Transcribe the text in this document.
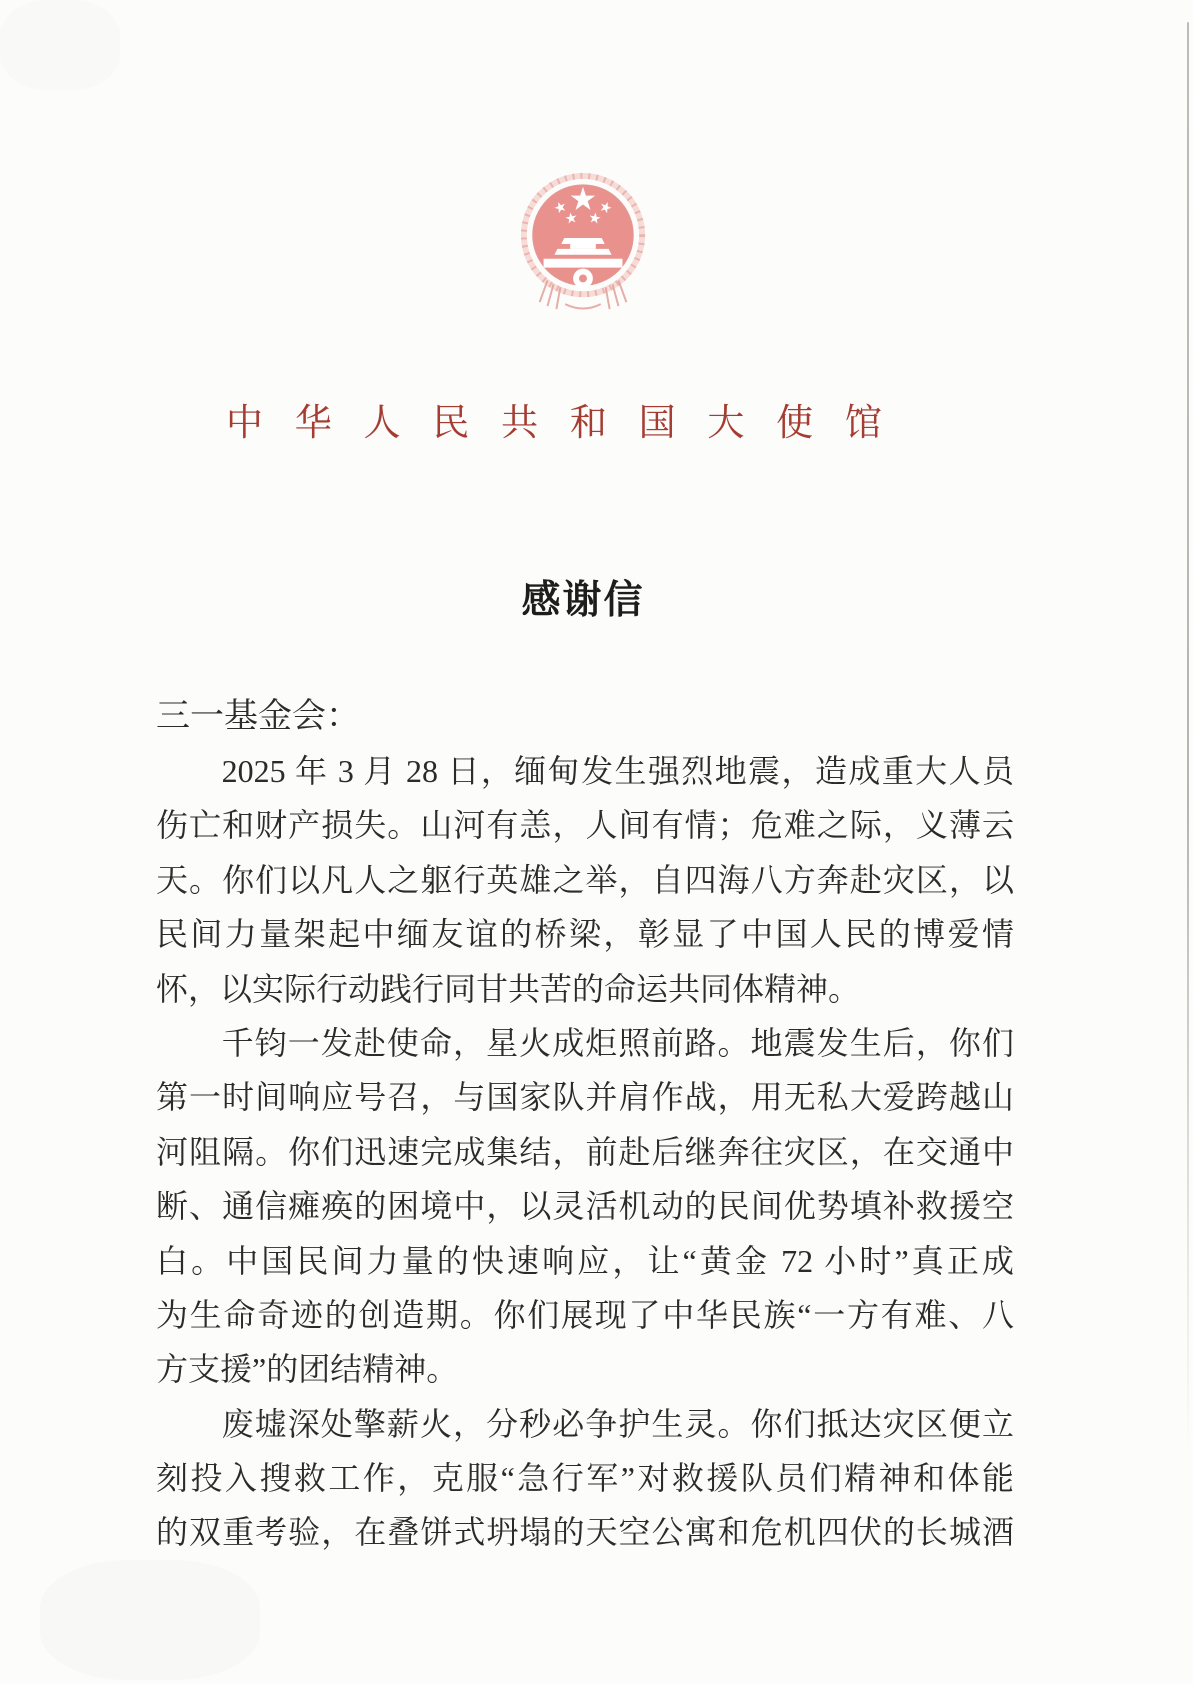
中 华 人 民 共 和 国 大 使 馆
感谢信
三一基金会：
2025 年 3 月 28 日，缅甸发生强烈地震，造成重大人员
伤亡和财产损失。山河有恙，人间有情；危难之际，义薄云
天。你们以凡人之躯行英雄之举，自四海八方奔赴灾区，以
民间力量架起中缅友谊的桥梁，彰显了中国人民的博爱情
怀，以实际行动践行同甘共苦的命运共同体精神。
千钧一发赴使命，星火成炬照前路。地震发生后，你们
第一时间响应号召，与国家队并肩作战，用无私大爱跨越山
河阻隔。你们迅速完成集结，前赴后继奔往灾区，在交通中
断、通信瘫痪的困境中，以灵活机动的民间优势填补救援空
白。中国民间力量的快速响应，让“黄金 72 小时”真正成
为生命奇迹的创造期。你们展现了中华民族“一方有难、八
方支援”的团结精神。
废墟深处擎薪火，分秒必争护生灵。你们抵达灾区便立
刻投入搜救工作，克服“急行军”对救援队员们精神和体能
的双重考验，在叠饼式坍塌的天空公寓和危机四伏的长城酒
